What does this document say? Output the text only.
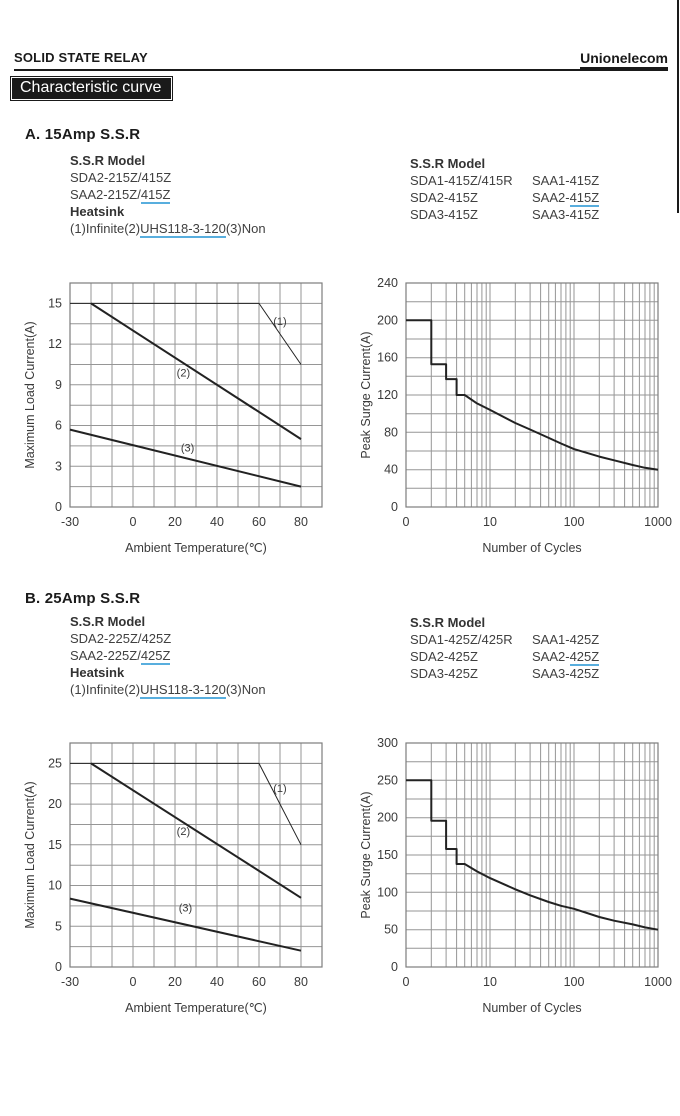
SOLID STATE RELAY	Unionelecom
Characteristic curve
A. 15Amp S.S.R
S.S.R Model
SDA2-215Z/415Z
SAA2-215Z/415Z
Heatsink
(1)Infinite(2)UHS118-3-120(3)Non
S.S.R Model
SDA1-415Z/415R	SAA1-415Z
SDA2-415Z	SAA2-415Z
SDA3-415Z	SAA3-415Z
(1)
(2)
(3)
-30	0	20 40 60 80
0
3
6
9
12
15
Ambient Temperature(℃)
Maximum Load Current(A)
0	10	100	1000
0
40
80
120
160
200
240
Number of Cycles
Peak Surge Current(A)
B. 25Amp S.S.R
S.S.R Model
SDA2-225Z/425Z
SAA2-225Z/425Z
Heatsink
(1)Infinite(2)UHS118-3-120(3)Non
S.S.R Model
SDA1-425Z/425R	SAA1-425Z
SDA2-425Z	SAA2-425Z
SDA3-425Z	SAA3-425Z
(1)
(2)
(3)
-30	0	20 40 60 80
0
5
10
15
20
25
Ambient Temperature(℃)
Maximum Load Current(A)
0	10	100	1000
0
50
100
150
200
250
300
Number of Cycles
Peak Surge Current(A)
